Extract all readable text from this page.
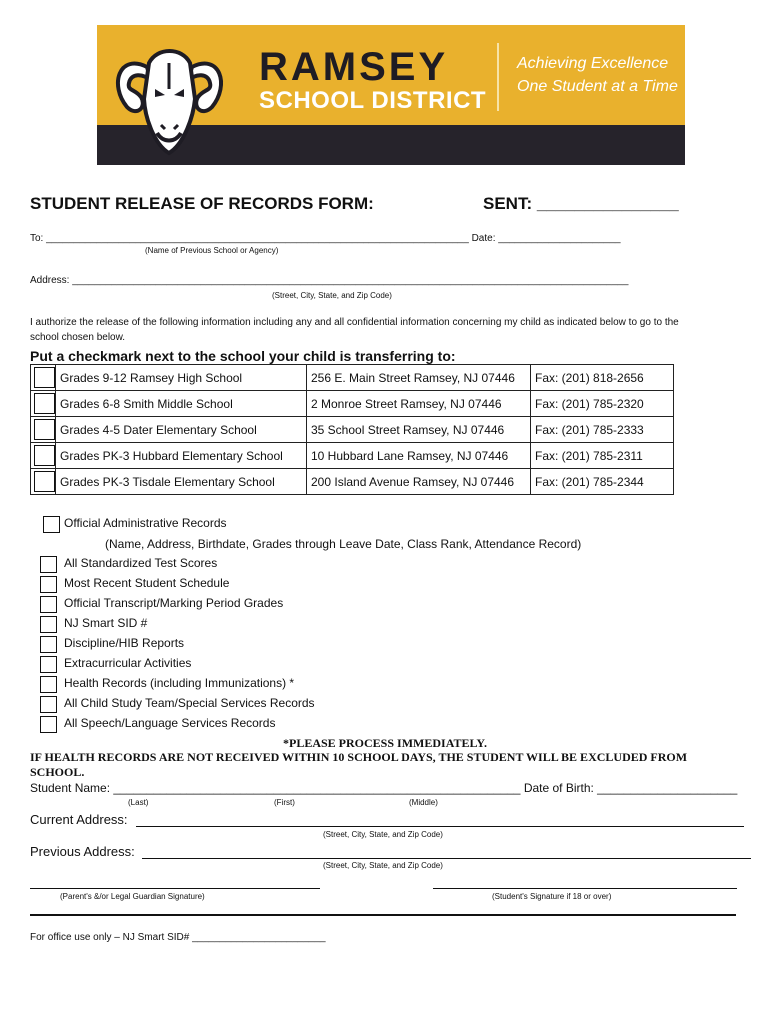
RAMSEY
SCHOOL DISTRICT
Achieving Excellence
One Student at a Time
STUDENT RELEASE OF RECORDS FORM:	SENT: _______________
To: ____________________________________________________________________________ Date: ______________________
(Name of Previous School or Agency)
Address: ____________________________________________________________________________________________________
(Street, City, State, and Zip Code)
I authorize the release of the following information including any and all confidential information concerning my child as indicated below to go to the
school chosen below.
Put a checkmark next to the school your child is transferring to:
	Grades 9-12 Ramsey High School	256 E. Main Street Ramsey, NJ 07446	Fax: (201) 818-2656
	Grades 6-8 Smith Middle School	2 Monroe Street Ramsey, NJ 07446	Fax: (201) 785-2320
	Grades 4-5 Dater Elementary School	35 School Street Ramsey, NJ 07446	Fax: (201) 785-2333
	Grades PK-3 Hubbard Elementary School	10 Hubbard Lane Ramsey, NJ 07446	Fax: (201) 785-2311
	Grades PK-3 Tisdale Elementary School	200 Island Avenue Ramsey, NJ 07446	Fax: (201) 785-2344
Official Administrative Records
(Name, Address, Birthdate, Grades through Leave Date, Class Rank, Attendance Record)
All Standardized Test Scores
Most Recent Student Schedule
Official Transcript/Marking Period Grades
NJ Smart SID #
Discipline/HIB Reports
Extracurricular Activities
Health Records (including Immunizations) *
All Child Study Team/Special Services Records
All Speech/Language Services Records
*PLEASE PROCESS IMMEDIATELY.
IF HEALTH RECORDS ARE NOT RECEIVED WITHIN 10 SCHOOL DAYS, THE STUDENT WILL BE EXCLUDED FROM
SCHOOL.
Student Name: _____________________________________________________________ Date of Birth: _____________________
(Last)	(First)	(Middle)
Current Address:
(Street, City, State, and Zip Code)
Previous Address:
(Street, City, State, and Zip Code)
(Parent's &/or Legal Guardian Signature)	(Student's Signature if 18 or over)
For office use only – NJ Smart SID# ________________________
